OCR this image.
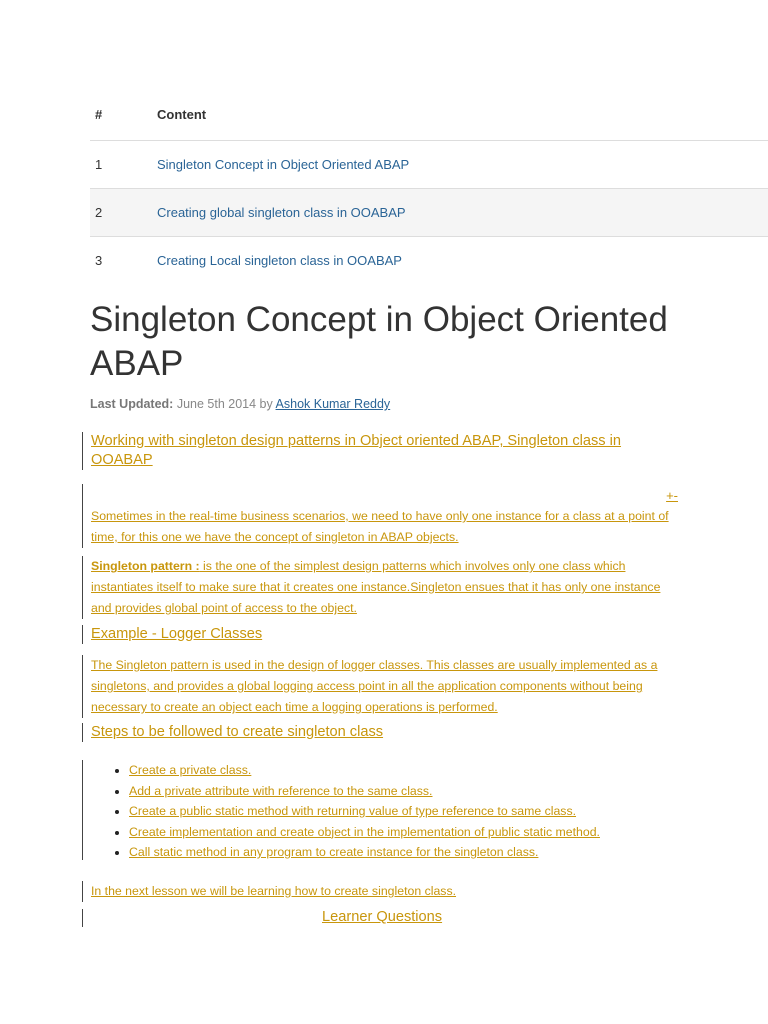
#	Content
1	Singleton Concept in Object Oriented ABAP
2	Creating global singleton class in OOABAP
3	Creating Local singleton class in OOABAP
Singleton Concept in Object Oriented ABAP
Last Updated: June 5th 2014 by Ashok Kumar Reddy
Working with singleton design patterns in Object oriented ABAP, Singleton class in OOABAP
+-
Sometimes in the real-time business scenarios, we need to have only one instance for a class at a point of time, for this one we have the concept of singleton in ABAP objects.
Singleton pattern : is the one of the simplest design patterns which involves only one class which instantiates itself to make sure that it creates one instance.Singleton ensues that it has only one instance and provides global point of access to the object.
Example - Logger Classes
The Singleton pattern is used in the design of logger classes. This classes are usually implemented as a singletons, and provides a global logging access point in all the application components without being necessary to create an object each time a logging operations is performed.
Steps to be followed to create singleton class
• Create a private class.
• Add a private attribute with reference to the same class.
• Create a public static method with returning value of type reference to same class.
• Create implementation and create object in the implementation of public static method.
• Call static method in any program to create instance for the singleton class.
In the next lesson we will be learning how to create singleton class.
Learner Questions
